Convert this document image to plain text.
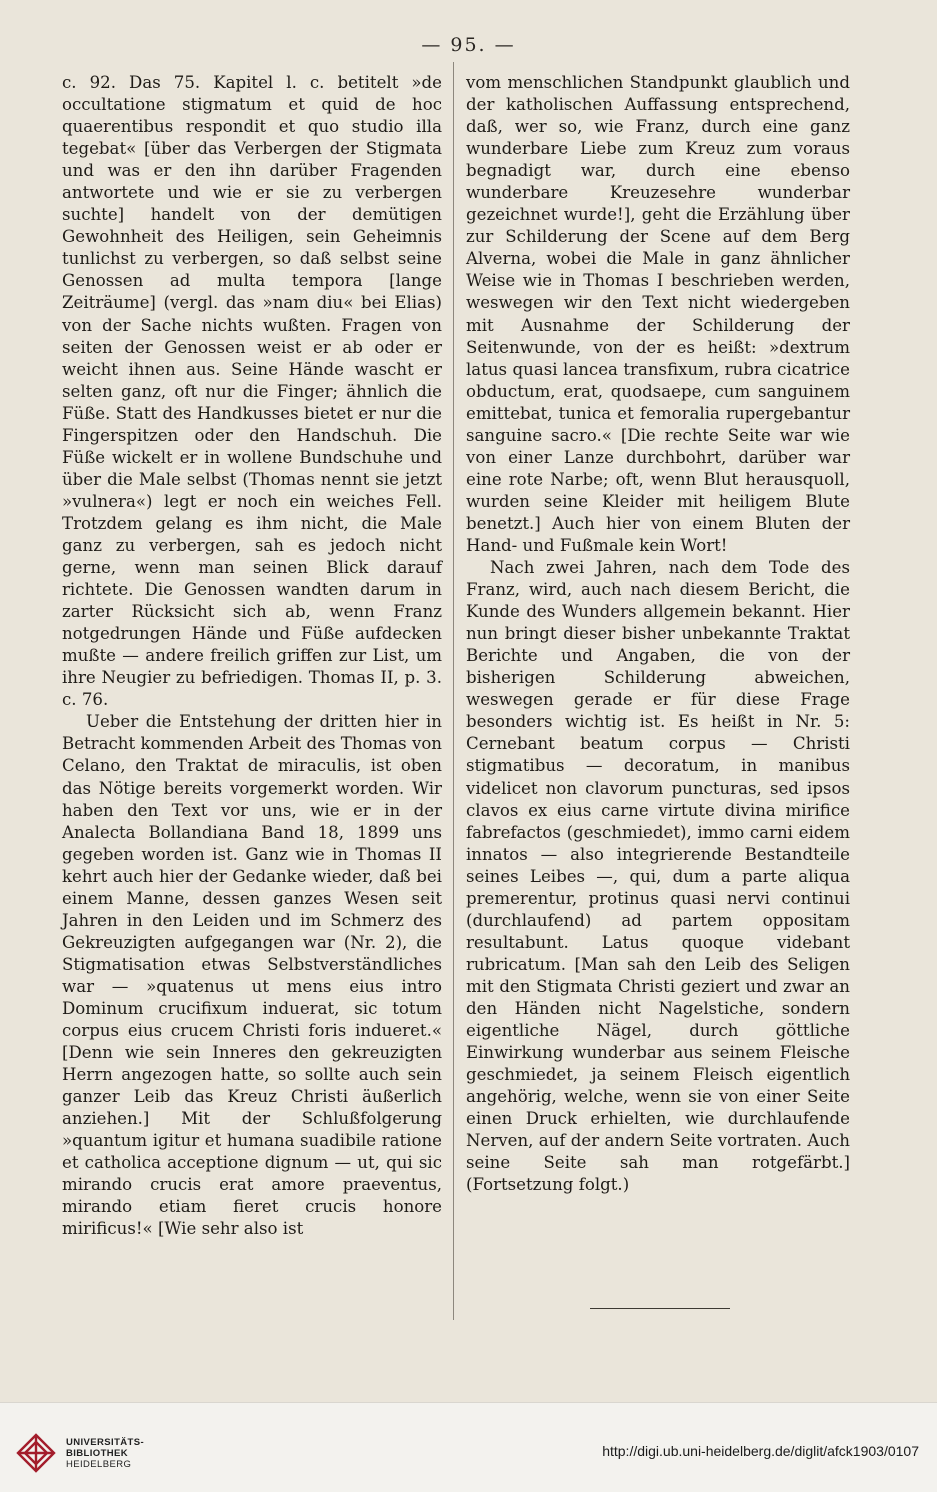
— 95. —

c. 92. Das 75. Kapitel l. c. betitelt »de occultatione stigmatum et quid de hoc quaerentibus respondit et quo studio illa tegebat« [über das Verbergen der Stigmata und was er den ihn darüber Fragenden antwortete und wie er sie zu verbergen suchte] handelt von der demütigen Gewohnheit des Heiligen, sein Geheimnis tunlichst zu verbergen, so daß selbst seine Genossen ad multa tempora [lange Zeiträume] (vergl. das »nam diu« bei Elias) von der Sache nichts wußten. Fragen von seiten der Genossen weist er ab oder er weicht ihnen aus. Seine Hände wascht er selten ganz, oft nur die Finger; ähnlich die Füße. Statt des Handkusses bietet er nur die Fingerspitzen oder den Handschuh. Die Füße wickelt er in wollene Bundschuhe und über die Male selbst (Thomas nennt sie jetzt »vulnera«) legt er noch ein weiches Fell. Trotzdem gelang es ihm nicht, die Male ganz zu verbergen, sah es jedoch nicht gerne, wenn man seinen Blick darauf richtete. Die Genossen wandten darum in zarter Rücksicht sich ab, wenn Franz notgedrungen Hände und Füße aufdecken mußte — andere freilich griffen zur List, um ihre Neugier zu befriedigen. Thomas II, p. 3. c. 76.

Ueber die Entstehung der dritten hier in Betracht kommenden Arbeit des Thomas von Celano, den Traktat de miraculis, ist oben das Nötige bereits vorgemerkt worden. Wir haben den Text vor uns, wie er in der Analecta Bollandiana Band 18, 1899 uns gegeben worden ist. Ganz wie in Thomas II kehrt auch hier der Gedanke wieder, daß bei einem Manne, dessen ganzes Wesen seit Jahren in den Leiden und im Schmerz des Gekreuzigten aufgegangen war (Nr. 2), die Stigmatisation etwas Selbstverständliches war — »quatenus ut mens eius intro Dominum crucifixum induerat, sic totum corpus eius crucem Christi foris indueret.« [Denn wie sein Inneres den gekreuzigten Herrn angezogen hatte, so sollte auch sein ganzer Leib das Kreuz Christi äußerlich anziehen.] Mit der Schlußfolgerung »quantum igitur et humana suadibile ratione et catholica acceptione dignum — ut, qui sic mirando crucis erat amore praeventus, mirando etiam fieret crucis honore mirificus!« [Wie sehr also ist

vom menschlichen Standpunkt glaublich und der katholischen Auffassung entsprechend, daß, wer so, wie Franz, durch eine ganz wunderbare Liebe zum Kreuz zum voraus begnadigt war, durch eine ebenso wunderbare Kreuzesehre wunderbar gezeichnet wurde!], geht die Erzählung über zur Schilderung der Scene auf dem Berg Alverna, wobei die Male in ganz ähnlicher Weise wie in Thomas I beschrieben werden, weswegen wir den Text nicht wiedergeben mit Ausnahme der Schilderung der Seitenwunde, von der es heißt: »dextrum latus quasi lancea transfixum, rubra cicatrice obductum, erat, quodsaepe, cum sanguinem emittebat, tunica et femoralia rupergebantur sanguine sacro.« [Die rechte Seite war wie von einer Lanze durchbohrt, darüber war eine rote Narbe; oft, wenn Blut herausquoll, wurden seine Kleider mit heiligem Blute benetzt.] Auch hier von einem Bluten der Hand- und Fußmale kein Wort!

Nach zwei Jahren, nach dem Tode des Franz, wird, auch nach diesem Bericht, die Kunde des Wunders allgemein bekannt. Hier nun bringt dieser bisher unbekannte Traktat Berichte und Angaben, die von der bisherigen Schilderung abweichen, weswegen gerade er für diese Frage besonders wichtig ist. Es heißt in Nr. 5: Cernebant beatum corpus — Christi stigmatibus — decoratum, in manibus videlicet non clavorum puncturas, sed ipsos clavos ex eius carne virtute divina mirifice fabrefactos (geschmiedet), immo carni eidem innatos — also integrierende Bestandteile seines Leibes —, qui, dum a parte aliqua premerentur, protinus quasi nervi continui (durchlaufend) ad partem oppositam resultabunt. Latus quoque videbant rubricatum. [Man sah den Leib des Seligen mit den Stigmata Christi geziert und zwar an den Händen nicht Nagelstiche, sondern eigentliche Nägel, durch göttliche Einwirkung wunderbar aus seinem Fleische geschmiedet, ja seinem Fleisch eigentlich angehörig, welche, wenn sie von einer Seite einen Druck erhielten, wie durchlaufende Nerven, auf der andern Seite vortraten. Auch seine Seite sah man rotgefärbt.] (Fortsetzung folgt.)

UNIVERSITÄTS-
BIBLIOTHEK
HEIDELBERG
http://digi.ub.uni-heidelberg.de/diglit/afck1903/0107
